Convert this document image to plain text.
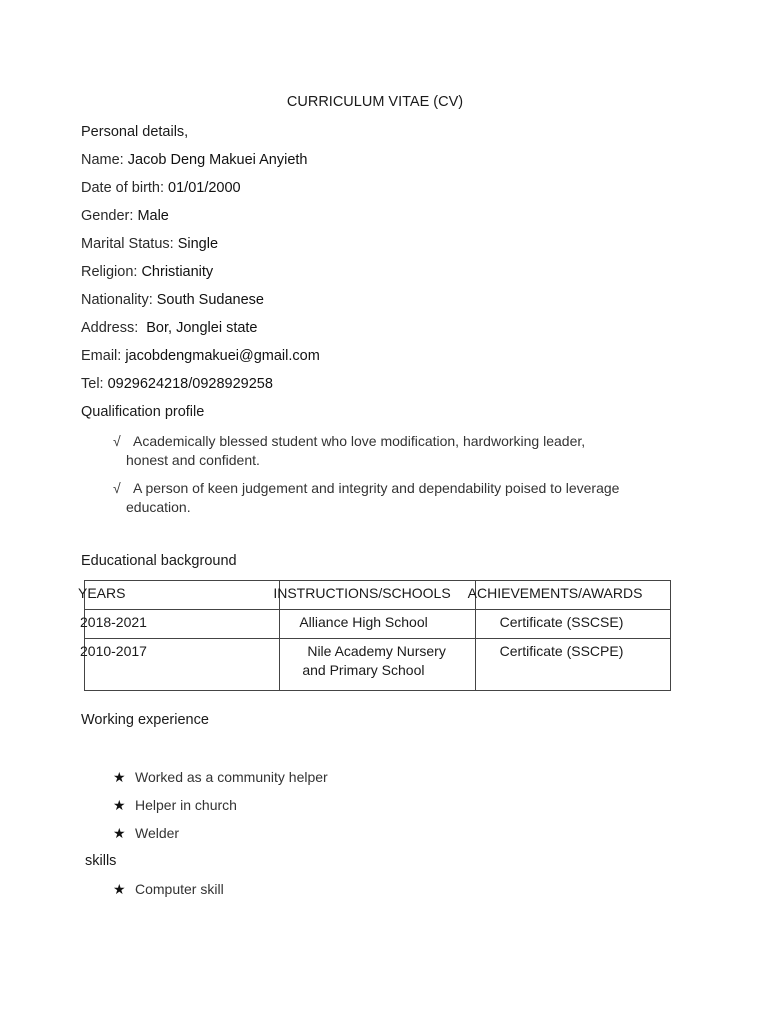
CURRICULUM VITAE (CV)
Personal details,
Name: Jacob Deng Makuei Anyieth
Date of birth: 01/01/2000
Gender: Male
Marital Status: Single
Religion: Christianity
Nationality: South Sudanese
Address: Bor, Jonglei state
Email: jacobdengmakuei@gmail.com
Tel: 0929624218/0928929258
Qualification profile
√ Academically blessed student who love modification, hardworking leader,
honest and confident.
√ A person of keen judgement and integrity and dependability poised to leverage
education.
Educational background
YEARS	INSTRUCTIONS/SCHOOLS	ACHIEVEMENTS/AWARDS

2018-2021	Alliance High School	Certificate (SSCSE)

2010-2017	Nile Academy Nursery
and Primary School	Certificate (SSCPE)
Working experience
★ Worked as a community helper
★ Helper in church
★ Welder
skills
★ Computer skill
